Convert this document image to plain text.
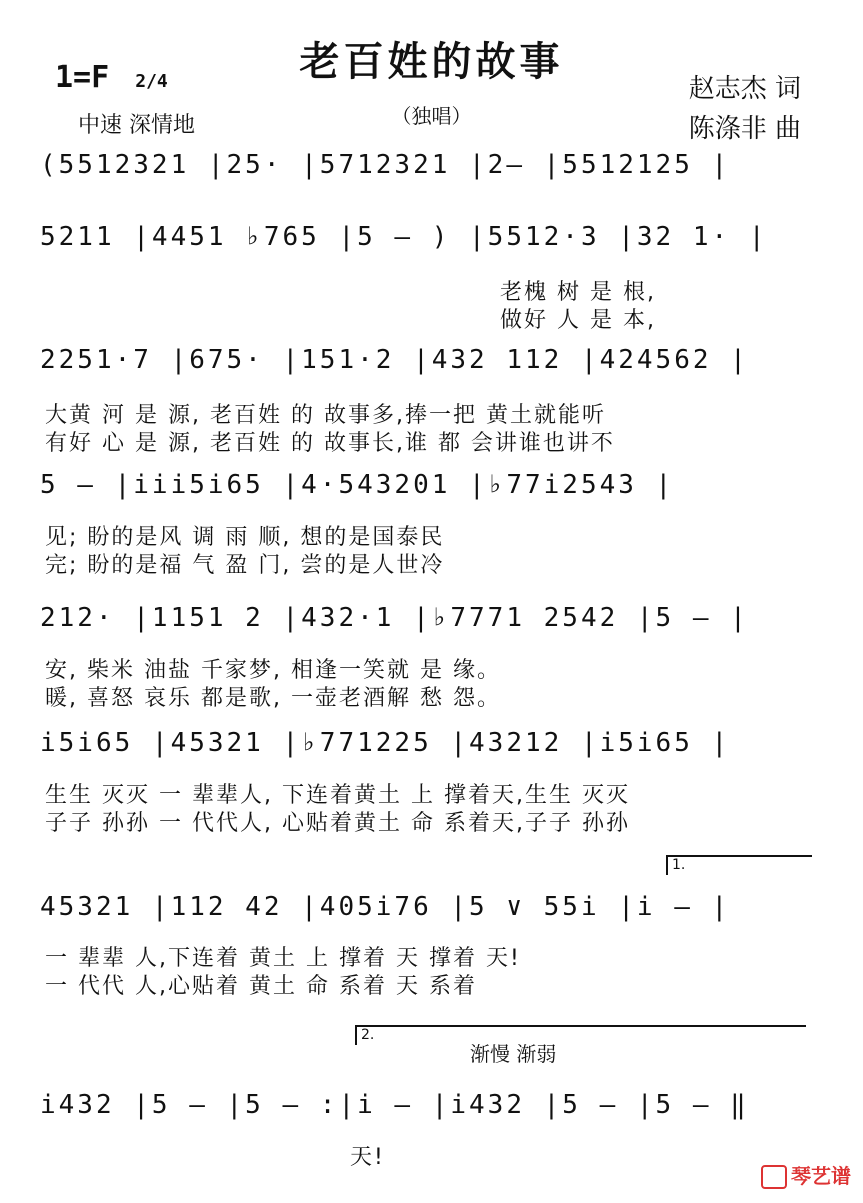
老百姓的故事
（独唱）
1=F 2/4
中速 深情地
赵志杰 词
陈涤非 曲
(5512321 |25· |5712321 |2— |5512125 |
5211 |4451 ♭765 |5 — ) |5512·3 |32 1· |
老槐 树 是 根,
做好 人 是 本,
2251·7 |675· |151·2 |432 112 |424562 |
大黄 河 是 源, 老百姓 的 故事多,捧一把 黄土就能听
有好 心 是 源, 老百姓 的 故事长,谁 都 会讲谁也讲不
5 — |iii5i65 |4·543201 |♭77i2543 |
见; 盼的是风 调 雨 顺, 想的是国泰民
完; 盼的是福 气 盈 门, 尝的是人世冷
212· |1151 2 |432·1 |♭7771 2542 |5 — |
安, 柴米 油盐 千家梦, 相逢一笑就 是 缘。
暖, 喜怒 哀乐 都是歌, 一壶老酒解 愁 怨。
i5i65 |45321 |♭771225 |43212 |i5i65 |
生生 灭灭 一 辈辈人, 下连着黄土 上 撑着天,生生 灭灭
子子 孙孙 一 代代人, 心贴着黄土 命 系着天,子子 孙孙
1.
45321 |112 42 |405i76 |5 ∨ 55i |i — |
一 辈辈 人,下连着 黄土 上 撑着 天 撑着 天!
一 代代 人,心贴着 黄土 命 系着 天 系着
2.
渐慢 渐弱
i432 |5 — |5 — :|i — |i432 |5 — |5 — ‖
天!
琴艺谱
